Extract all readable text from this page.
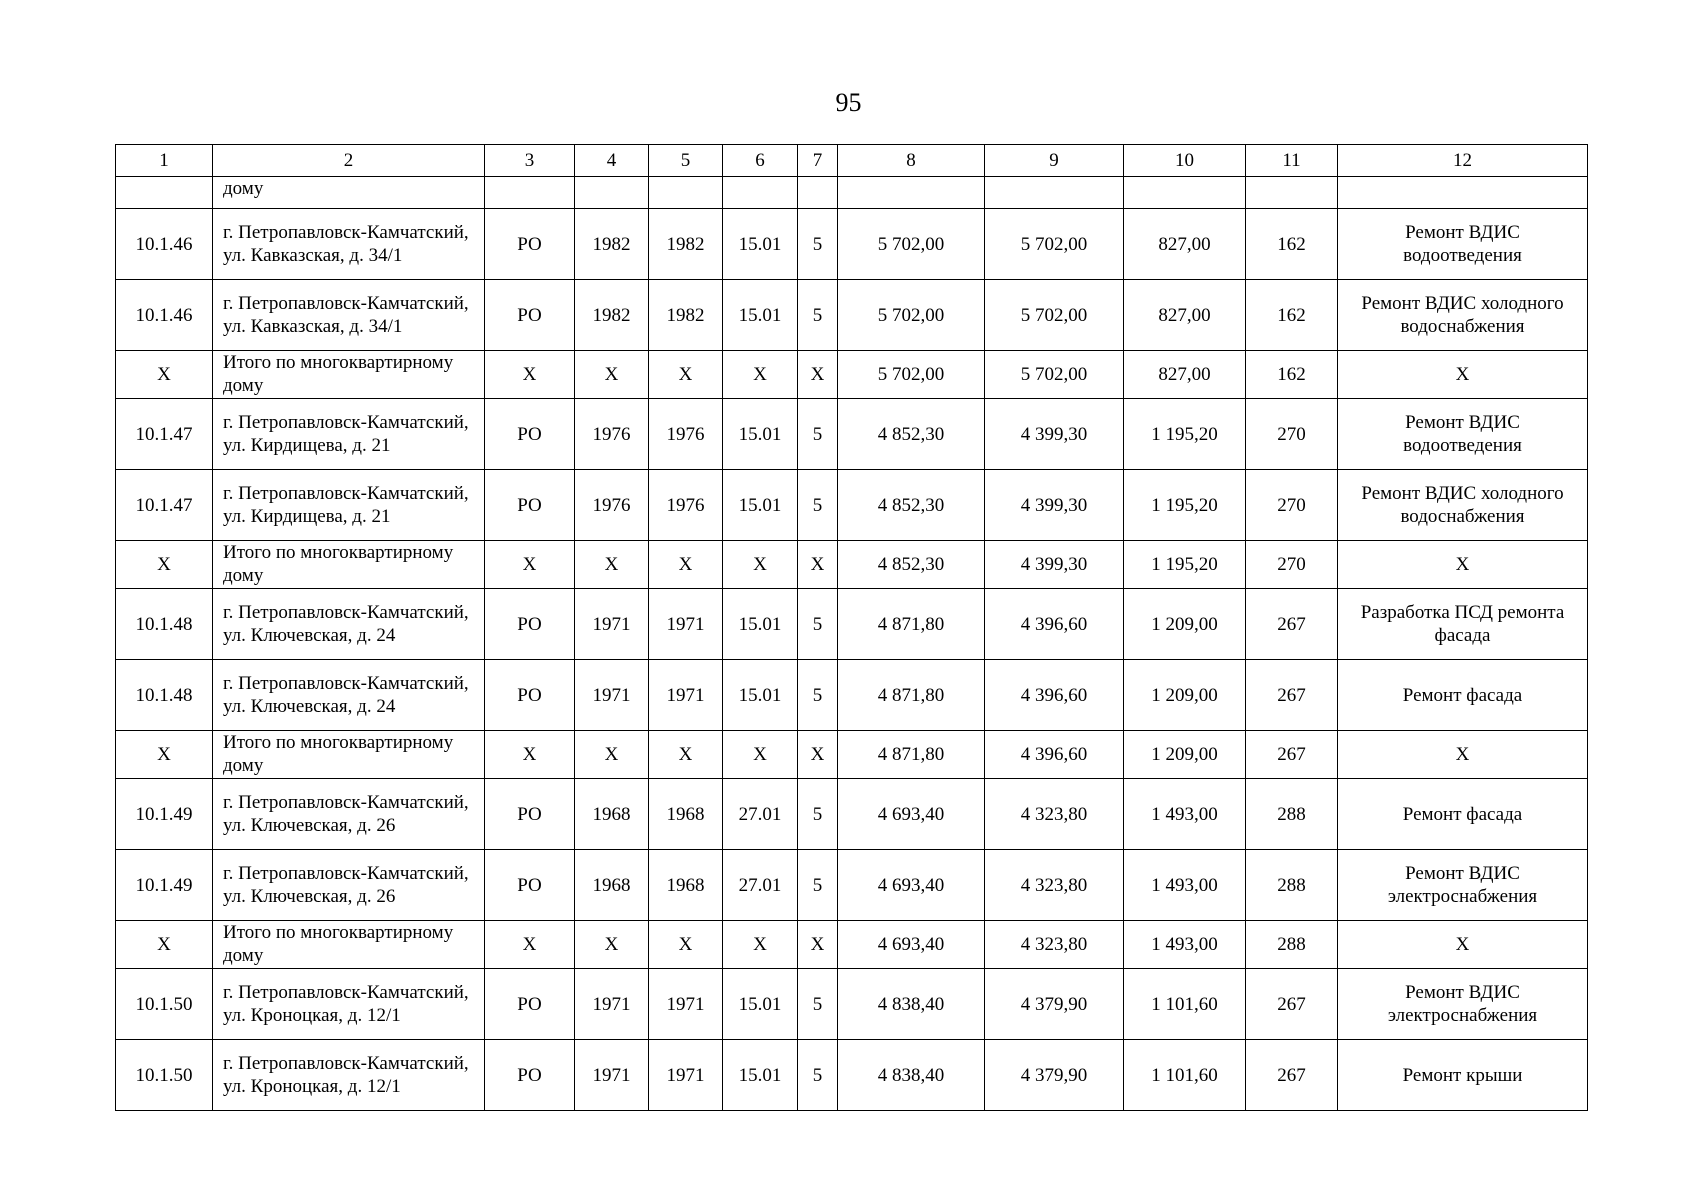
95
1	2	3	4	5	6	7	8	9	10	11	12
	дому										
10.1.46	г. Петропавловск-Камчатский, ул. Кавказская, д. 34/1	РО	1982	1982	15.01	5	5 702,00	5 702,00	827,00	162	Ремонт ВДИС водоотведения
10.1.46	г. Петропавловск-Камчатский, ул. Кавказская, д. 34/1	РО	1982	1982	15.01	5	5 702,00	5 702,00	827,00	162	Ремонт ВДИС холодного водоснабжения
Х	Итого по многоквартирному дому	Х	Х	Х	Х	Х	5 702,00	5 702,00	827,00	162	Х
10.1.47	г. Петропавловск-Камчатский, ул. Кирдищева, д. 21	РО	1976	1976	15.01	5	4 852,30	4 399,30	1 195,20	270	Ремонт ВДИС водоотведения
10.1.47	г. Петропавловск-Камчатский, ул. Кирдищева, д. 21	РО	1976	1976	15.01	5	4 852,30	4 399,30	1 195,20	270	Ремонт ВДИС холодного водоснабжения
Х	Итого по многоквартирному дому	Х	Х	Х	Х	Х	4 852,30	4 399,30	1 195,20	270	Х
10.1.48	г. Петропавловск-Камчатский, ул. Ключевская, д. 24	РО	1971	1971	15.01	5	4 871,80	4 396,60	1 209,00	267	Разработка ПСД ремонта фасада
10.1.48	г. Петропавловск-Камчатский, ул. Ключевская, д. 24	РО	1971	1971	15.01	5	4 871,80	4 396,60	1 209,00	267	Ремонт фасада
Х	Итого по многоквартирному дому	Х	Х	Х	Х	Х	4 871,80	4 396,60	1 209,00	267	Х
10.1.49	г. Петропавловск-Камчатский, ул. Ключевская, д. 26	РО	1968	1968	27.01	5	4 693,40	4 323,80	1 493,00	288	Ремонт фасада
10.1.49	г. Петропавловск-Камчатский, ул. Ключевская, д. 26	РО	1968	1968	27.01	5	4 693,40	4 323,80	1 493,00	288	Ремонт ВДИС электроснабжения
Х	Итого по многоквартирному дому	Х	Х	Х	Х	Х	4 693,40	4 323,80	1 493,00	288	Х
10.1.50	г. Петропавловск-Камчатский, ул. Кроноцкая, д. 12/1	РО	1971	1971	15.01	5	4 838,40	4 379,90	1 101,60	267	Ремонт ВДИС электроснабжения
10.1.50	г. Петропавловск-Камчатский, ул. Кроноцкая, д. 12/1	РО	1971	1971	15.01	5	4 838,40	4 379,90	1 101,60	267	Ремонт крыши
